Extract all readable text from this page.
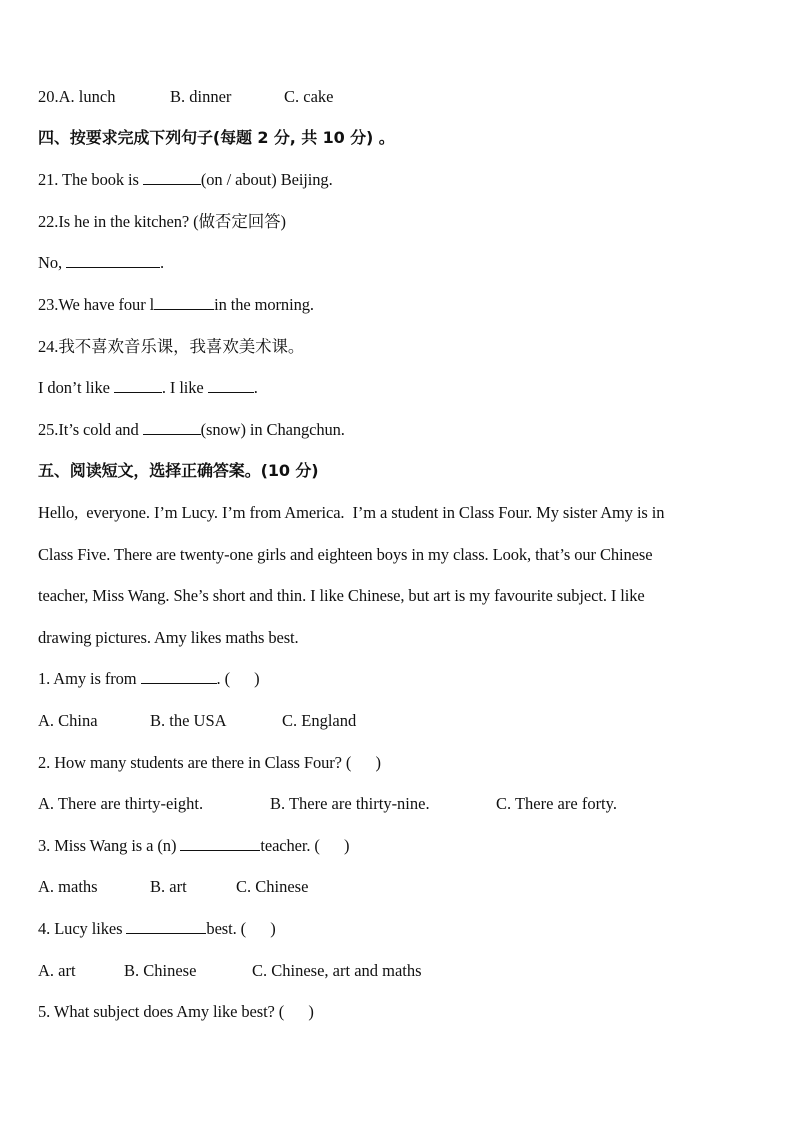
20.A. lunch	B. dinner	C. cake
四、按要求完成下列句子(每题 2 分, 共 10 分) 。
21. The book is	(on / about) Beijing.
22.Is he in the kitchen? (做否定回答)
No,	.
23.We have four l	in the morning.
24.我不喜欢音乐课，我喜欢美术课。
I don’t like	. I like	.
25.It’s cold and	(snow) in Changchun.
五、阅读短文，选择正确答案。(10 分)
Hello,  everyone. I’m Lucy. I’m from America.  I’m a student in Class Four. My sister Amy is in
Class Five. There are twenty-one girls and eighteen boys in my class. Look, that’s our Chinese
teacher, Miss Wang. She’s short and thin. I like Chinese, but art is my favourite subject. I like
drawing pictures. Amy likes maths best.
1. Amy is from	. (      )
A. China	B. the USA	C. England
2. How many students are there in Class Four? (      )
A. There are thirty-eight.	B. There are thirty-nine.	C. There are forty.
3. Miss Wang is a (n)	teacher. (      )
A. maths	B. art	C. Chinese
4. Lucy likes	best. (      )
A. art	B. Chinese	C. Chinese, art and maths
5. What subject does Amy like best? (      )
